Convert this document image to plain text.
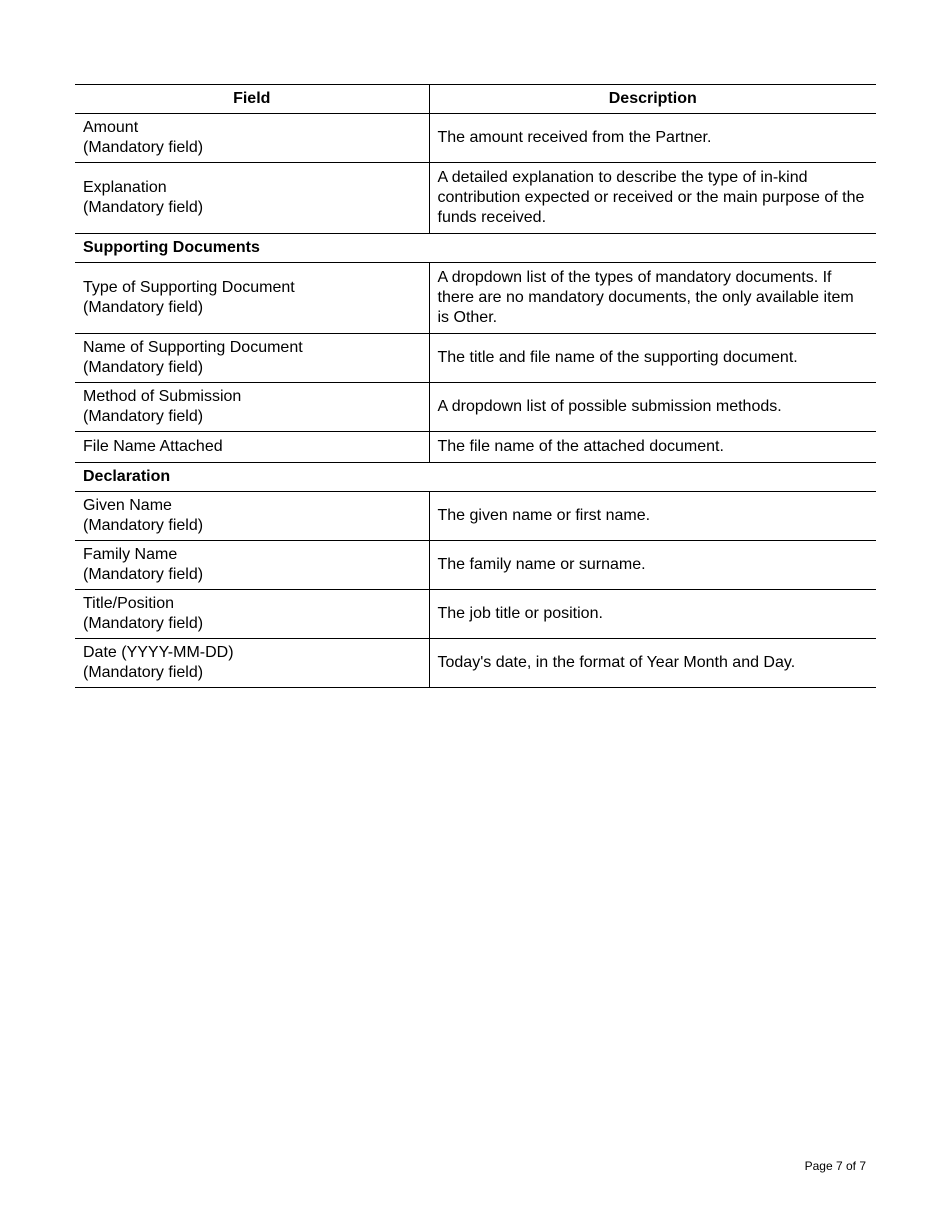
Field	Description

Amount
(Mandatory field)	The amount received from the Partner.

Explanation
(Mandatory field)	A detailed explanation to describe the type of in-kind contribution expected or received or the main purpose of the funds received.
Supporting Documents	

Type of Supporting Document
(Mandatory field)	A dropdown list of the types of mandatory documents. If there are no mandatory documents, the only available item is Other.

Name of Supporting Document
(Mandatory field)	The title and file name of the supporting document.

Method of Submission
(Mandatory field)	A dropdown list of possible submission methods.

File Name Attached	The file name of the attached document.
Declaration	

Given Name
(Mandatory field)	The given name or first name.

Family Name
(Mandatory field)	The family name or surname.

Title/Position
(Mandatory field)	The job title or position.

Date (YYYY-MM-DD)
(Mandatory field)	Today's date, in the format of Year Month and Day.
Page 7 of 7
